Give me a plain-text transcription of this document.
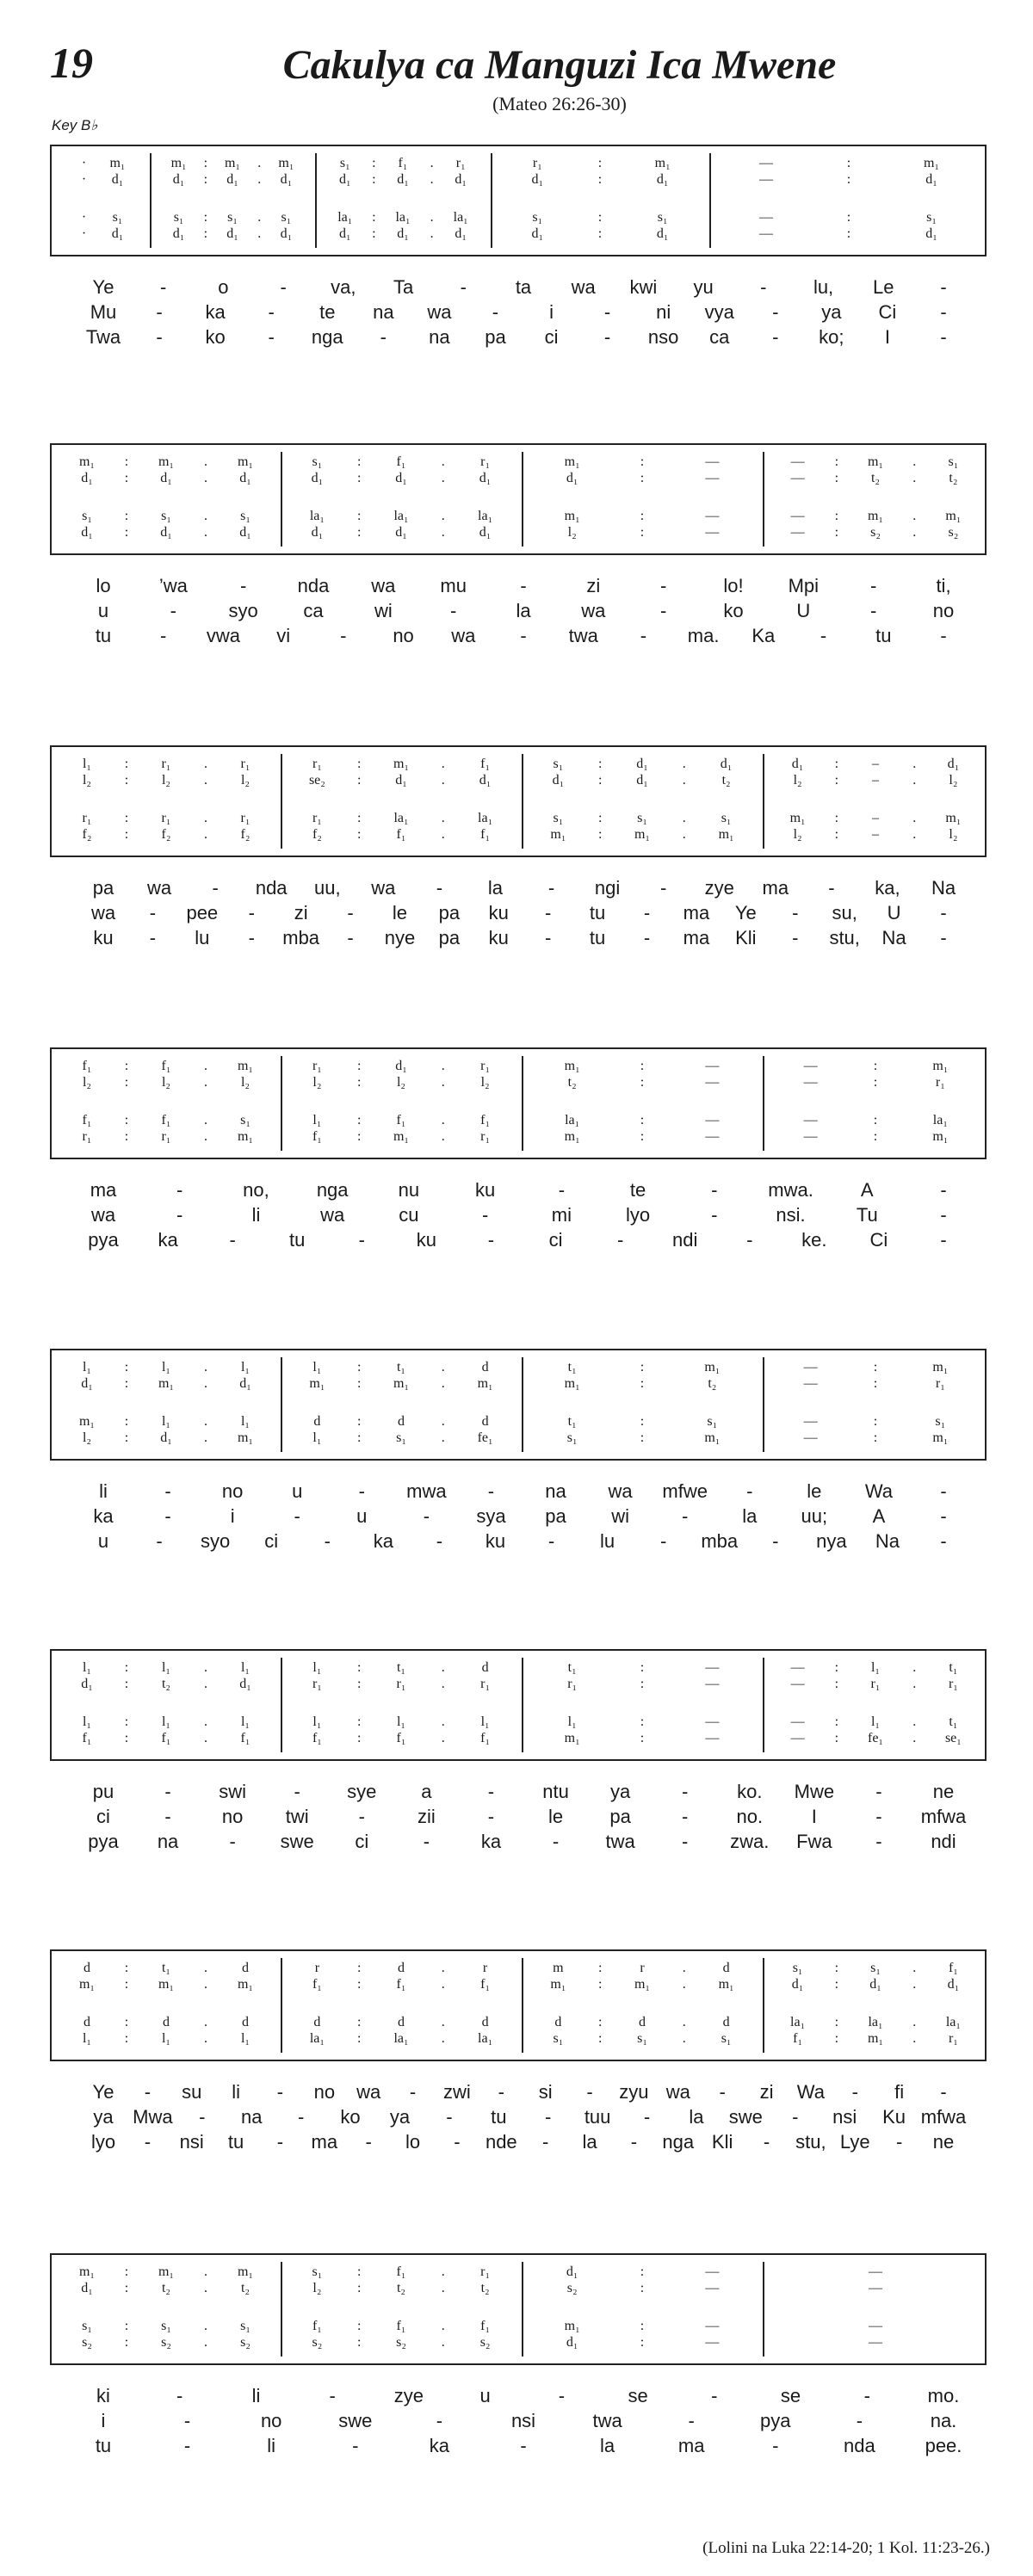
19	Cakulya ca Manguzi Ica Mwene
(Mateo 26:26-30)
Key B♭
· m₁	m₁ : m₁ . m₁	s₁ : f₁ . r₁	r₁	:	m₁	—	:	m₁
· d₁	d₁ : d₁ . d₁	d₁ : d₁ . d₁	d₁	:	d₁	—	:	d₁
· s₁	s₁ : s₁ . s₁	la₁ : la₁ . la₁	s₁	:	s₁	—	:	s₁
· d₁	d₁ : d₁ . d₁	d₁ : d₁ . d₁	d₁	:	d₁	—	:	d₁
Ye -	o	- va, Ta -	ta wa kwi yu - lu, Le -
Mu - ka - te na wa -	i	- ni vya - ya Ci -
Twa - ko - nga - na pa ci - nso ca - ko; I	-
m₁ : m₁ . m₁	s₁	:	f₁	.	r₁	m₁	:	—	— : m₁ . s₁
d₁ : d₁ . d₁	d₁ : d₁	.	d₁	d₁	:	—	— : t₂ . t₂
s₁ : s₁ . s₁	la₁ : la₁ . la₁	m₁	:	—	— : m₁ . m₁
d₁ : d₁ . d₁	d₁ : d₁	.	d₁	l₂	:	—	— : s₂ . s₂
lo	’wa	-	nda wa mu	-	zi	-	lo! Mpi	-	ti,
u	-	syo ca	wi	-	la	wa	-	ko	U	-	no
tu	- vwa vi	- no wa - twa - ma. Ka -	tu	-
l₁ : r₁ . r₁	r₁	: m₁ .	f₁	s₁	: d₁	.	d₁	d₁ : – . d₁
l₂ : l₂ . l₂	se₂ : d₁	.	d₁	d₁ : d₁	.	t₂	l₂ : – . l₂
r₁ : r₁ . r₁	r₁	: la₁ . la₁	s₁	:	s₁	.	s₁	m₁ : – . m₁
f₂ : f₂ . f₂	f₂	:	f₁	.	f₁	m₁ : m₁ . m₁	l₂ : – . l₂
pa wa - nda uu, wa - la - ngi - zye ma - ka, Na
wa - pee - zi - le pa ku - tu - ma Ye - su, U -
ku - lu - mba - nye pa ku - tu - ma Kli - stu, Na -
f₁ : f₁ . m₁	r₁	: d₁	.	r₁	m₁	:	—	—	:	m₁
l₂ : l₂ . l₂	l₂	:	l₂	.	l₂	t₂	:	—	—	:	r₁
f₁ : f₁ . s₁	l₁	:	f₁	.	f₁	la₁	:	—	—	:	la₁
r₁ : r₁ . m₁	f₁	: m₁ .	r₁	m₁	:	—	—	:	m₁
ma	-	no,	nga	nu	ku	-	te	-	mwa.	A	-
wa	-	li	wa	cu	-	mi	lyo	-	nsi.	Tu	-
pya ka	-	tu	-	ku	-	ci	-	ndi	-	ke. Ci	-
l₁ : l₁ . l₁	l₁	:	t₁	.	d	t₁	:	m₁	—	:	m₁
d₁ : m₁ . d₁	m₁ : m₁ . m₁	m₁	:	t₂	—	:	r₁
m₁ : l₁ . l₁	d	:	d	.	d	t₁	:	s₁	—	:	s₁
l₂ : d₁ . m₁	l₁	:	s₁	. fe₁	s₁	:	m₁	—	:	m₁
li	-	no	u	- mwa -	na wa mfwe -	le Wa	-
ka	-	i	-	u	- sya pa wi	-	la uu; A	-
u	- syo ci - ka - ku - lu - mba - nya Na -
l₁ : l₁ . l₁	l₁	:	t₁	.	d	t₁	:	—	— : l₁ . t₁
d₁ : t₂ . d₁	r₁	:	r₁	.	r₁	r₁	:	—	— : r₁ . r₁
l₁ : l₁ . l₁	l₁	:	l₁	.	l₁	l₁	:	—	— : l₁ . t₁
f₁ : f₁ . f₁	f₁	:	f₁	.	f₁	m₁	:	—	— : fe₁ . se₁
pu	-	swi	- sye a	-	ntu ya	-	ko. Mwe -	ne
ci	-	no twi	-	zii	-	le pa	-	no.	I	- mfwa
pya na	- swe ci	-	ka	- twa - zwa. Fwa -	ndi
d : t₁ .	d	r	:	d	.	r	m	:	r	.	d	s₁ : s₁ . f₁
m₁ : m₁ . m₁	f₁	:	f₁	.	f₁	m₁ : m₁ . m₁	d₁ : d₁ . d₁
d : d	.	d	d	:	d	.	d	d	:	d	.	d	la₁ : la₁ . la₁
l₁ : l₁ . l₁	la₁ : la₁ . la₁	s₁	:	s₁	.	s₁	f₁ : m₁ . r₁
Ye - su li - no wa - zwi - si - zyu wa - zi Wa - fi -
ya Mwa - na - ko ya - tu - tuu - la swe - nsi Ku mfwa
lyo - nsi tu - ma - lo - nde - la - nga Kli - stu, Lye - ne
m₁ : m₁ . m₁	s₁	:	f₁	.	r₁	d₁	:	—	—
d₁ : t₂ . t₂	l₂	:	t₂	.	t₂	s₂	:	—	—
s₁ : s₁ . s₁	f₁	:	f₁	.	f₁	m₁	:	—	—
s₂ : s₂ . s₂	s₂	:	s₂	.	s₂	d₁	:	—	—
ki	-	li	-	zye	u	-	se	-	se	-	mo.
i	-	no	swe	-	nsi	twa	-	pya	-	na.
tu	-	li	-	ka	-	la	ma	-	nda	pee.
(Lolini na Luka 22:14-20; 1 Kol. 11:23-26.)
